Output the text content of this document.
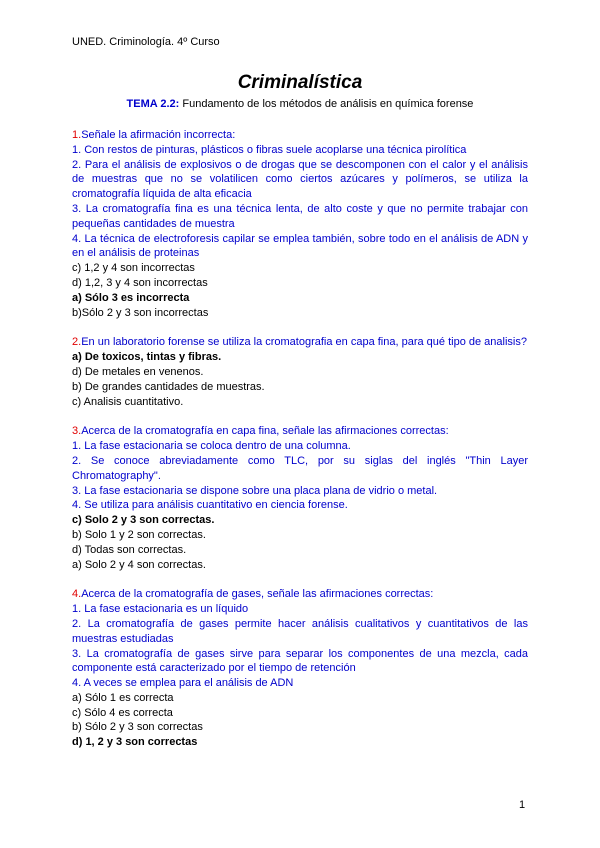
UNED. Criminología. 4º Curso
Criminalística
TEMA 2.2: Fundamento de los métodos de análisis en química forense

1.Señale la afirmación incorrecta:

1. Con restos de pinturas, plásticos o fibras suele acoplarse una técnica pirolítica

2. Para el análisis de explosivos o de drogas que se descomponen con el calor y el análisis de muestras que no se volatilicen como ciertos azúcares y polímeros, se utiliza la cromatografía líquida de alta eficacia

3. La cromatografía fina es una técnica lenta, de alto coste y que no permite trabajar con pequeñas cantidades de muestra

4. La técnica de electroforesis capilar se emplea también, sobre todo en el análisis de ADN y en el análisis de proteinas

c) 1,2 y 4 son incorrectas

d) 1,2, 3 y 4 son incorrectas

a) Sólo 3 es incorrecta

b)Sólo 2 y 3 son incorrectas

2.En un laboratorio forense se utiliza la cromatografia en capa fina, para qué tipo de analisis?

a) De toxicos, tintas y fibras.

d) De metales en venenos.

b) De grandes cantidades de muestras.

c) Analisis cuantitativo.

3.Acerca de la cromatografía en capa fina, señale las afirmaciones correctas:

1. La fase estacionaria se coloca dentro de una columna.

2. Se conoce abreviadamente como TLC, por su siglas del inglés "Thin Layer Chromatography".

3. La fase estacionaria se dispone sobre una placa plana de vidrio o metal.

4. Se utiliza para análisis cuantitativo en ciencia forense.

c) Solo 2 y 3 son correctas.

b) Solo 1 y 2 son correctas.

d) Todas son correctas.

a) Solo 2 y 4 son correctas.

4.Acerca de la cromatografía de gases, señale las afirmaciones correctas:

1. La fase estacionaria es un líquido

2. La cromatografía de gases permite hacer análisis cualitativos y cuantitativos de las muestras estudiadas

3. La cromatografía de gases sirve para separar los componentes de una mezcla, cada componente está caracterizado por el tiempo de retención

4. A veces se emplea para el análisis de ADN

a) Sólo 1 es correcta

c) Sólo 4 es correcta

b) Sólo 2 y 3 son correctas

d) 1, 2 y 3 son correctas

1
